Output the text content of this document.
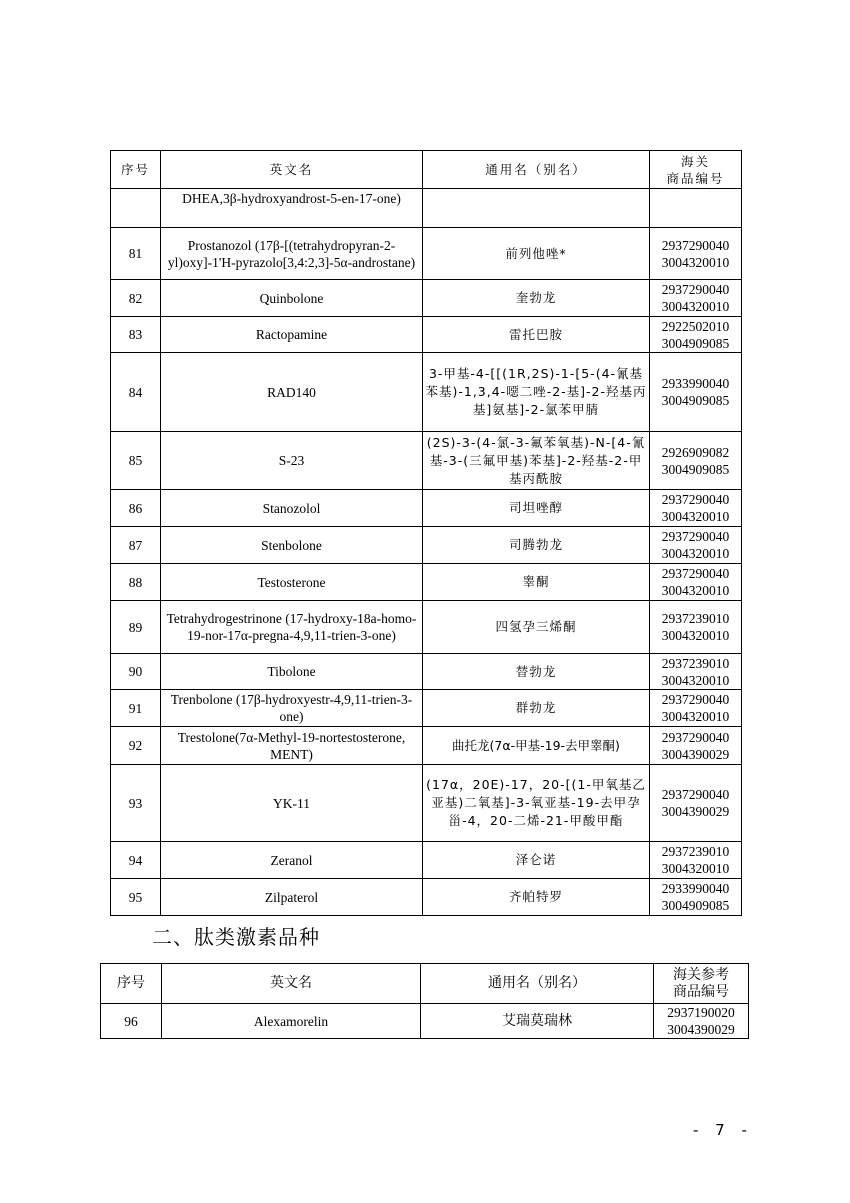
序号	英文名	通用名（别名）	海关
商品编号
	DHEA,3β-hydroxyandrost-5-en-17-one)		
81	Prostanozol (17β-[(tetrahydropyran-2-yl)oxy]-1'H-pyrazolo[3,4:2,3]-5α-androstane)	前列他唑*	2937290040
3004320010
82	Quinbolone	奎勃龙	2937290040
3004320010
83	Ractopamine	雷托巴胺	2922502010
3004909085
84	RAD140	3-甲基-4-[[(1R,2S)-1-[5-(4-氰基苯基)-1,3,4-噁二唑-2-基]-2-羟基丙基]氨基]-2-氯苯甲腈	2933990040
3004909085
85	S-23	(2S)-3-(4-氯-3-氟苯氧基)-N-[4-氰基-3-(三氟甲基)苯基]-2-羟基-2-甲基丙酰胺	2926909082
3004909085
86	Stanozolol	司坦唑醇	2937290040
3004320010
87	Stenbolone	司腾勃龙	2937290040
3004320010
88	Testosterone	睾酮	2937290040
3004320010
89	Tetrahydrogestrinone (17-hydroxy-18a-homo-19-nor-17α-pregna-4,9,11-trien-3-one)	四氢孕三烯酮	2937239010
3004320010
90	Tibolone	替勃龙	2937239010
3004320010
91	Trenbolone (17β-hydroxyestr-4,9,11-trien-3-one)	群勃龙	2937290040
3004320010
92	Trestolone(7α-Methyl-19-nortestosterone, MENT)	曲托龙(7α-甲基-19-去甲睾酮)	2937290040
3004390029
93	YK-11	(17α，20E)-17，20-[(1-甲氧基乙亚基)二氧基]-3-氧亚基-19-去甲孕甾-4，20-二烯-21-甲酸甲酯	2937290040
3004390029
94	Zeranol	泽仑诺	2937239010
3004320010
95	Zilpaterol	齐帕特罗	2933990040
3004909085
二、肽类激素品种
序号	英文名	通用名（别名）	海关参考
商品编号
96	Alexamorelin	艾瑞莫瑞林	2937190020
3004390029
- 7 -
